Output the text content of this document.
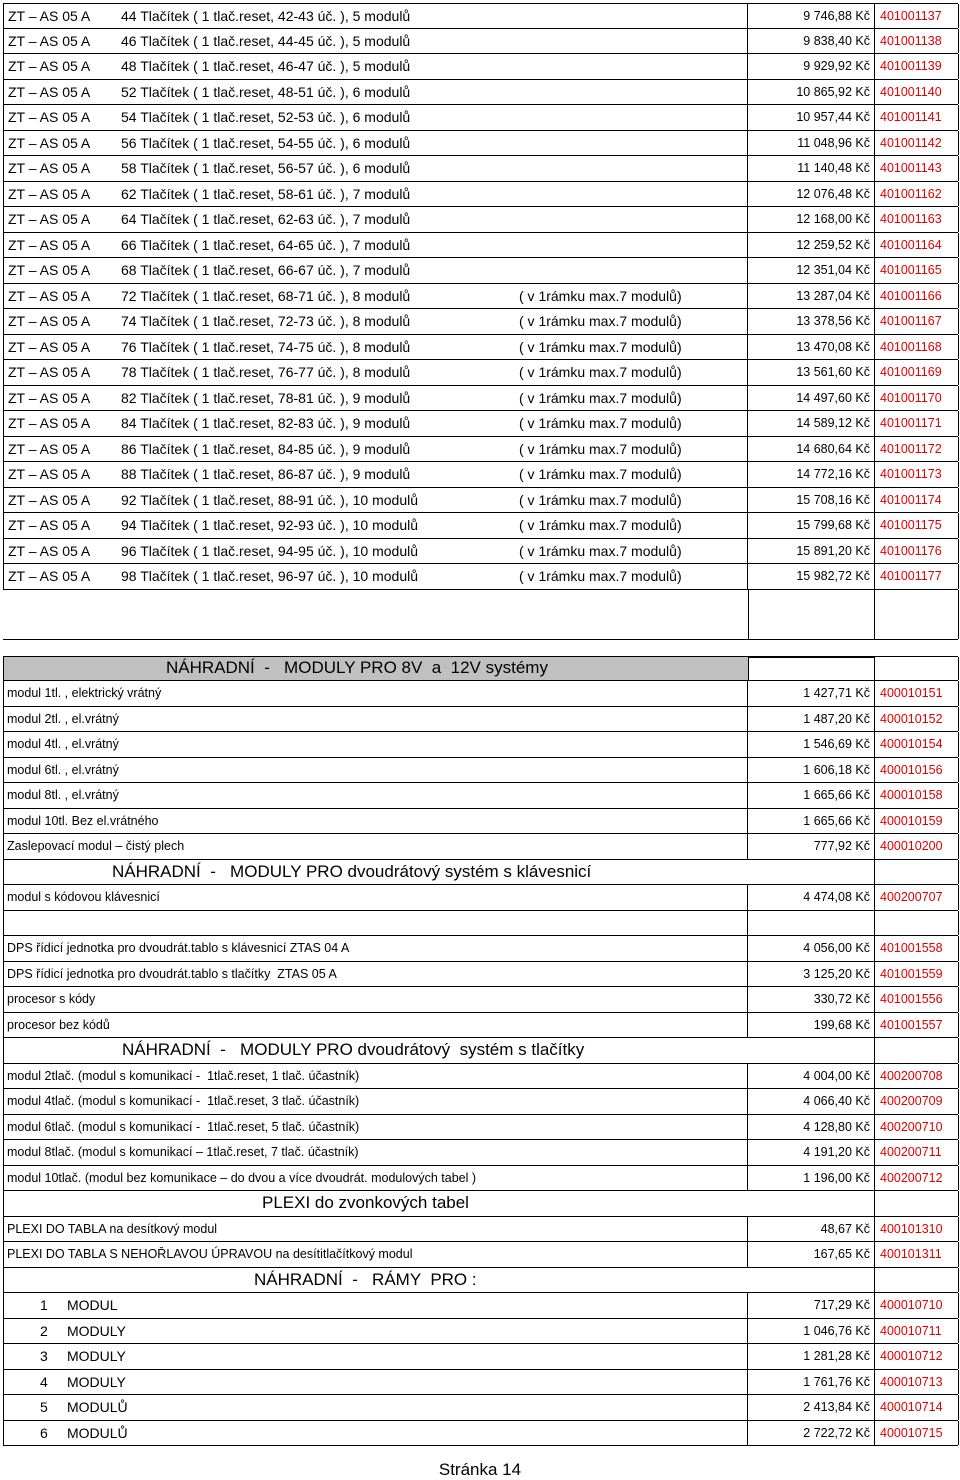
ZT – AS 05 A 44 Tlačítek ( 1 tlač.reset, 42-43 úč. ), 5 modulů	9 746,88 Kč 401001137
ZT – AS 05 A 46 Tlačítek ( 1 tlač.reset, 44-45 úč. ), 5 modulů	9 838,40 Kč 401001138
ZT – AS 05 A 48 Tlačítek ( 1 tlač.reset, 46-47 úč. ), 5 modulů	9 929,92 Kč 401001139
ZT – AS 05 A 52 Tlačítek ( 1 tlač.reset, 48-51 úč. ), 6 modulů	10 865,92 Kč 401001140
ZT – AS 05 A 54 Tlačítek ( 1 tlač.reset, 52-53 úč. ), 6 modulů	10 957,44 Kč 401001141
ZT – AS 05 A 56 Tlačítek ( 1 tlač.reset, 54-55 úč. ), 6 modulů	11 048,96 Kč 401001142
ZT – AS 05 A 58 Tlačítek ( 1 tlač.reset, 56-57 úč. ), 6 modulů	11 140,48 Kč 401001143
ZT – AS 05 A 62 Tlačítek ( 1 tlač.reset, 58-61 úč. ), 7 modulů	12 076,48 Kč 401001162
ZT – AS 05 A 64 Tlačítek ( 1 tlač.reset, 62-63 úč. ), 7 modulů	12 168,00 Kč 401001163
ZT – AS 05 A 66 Tlačítek ( 1 tlač.reset, 64-65 úč. ), 7 modulů	12 259,52 Kč 401001164
ZT – AS 05 A 68 Tlačítek ( 1 tlač.reset, 66-67 úč. ), 7 modulů	12 351,04 Kč 401001165
ZT – AS 05 A 72 Tlačítek ( 1 tlač.reset, 68-71 úč. ), 8 modulů	( v 1rámku max.7 modulů)	13 287,04 Kč 401001166
ZT – AS 05 A 74 Tlačítek ( 1 tlač.reset, 72-73 úč. ), 8 modulů	( v 1rámku max.7 modulů)	13 378,56 Kč 401001167
ZT – AS 05 A 76 Tlačítek ( 1 tlač.reset, 74-75 úč. ), 8 modulů	( v 1rámku max.7 modulů)	13 470,08 Kč 401001168
ZT – AS 05 A 78 Tlačítek ( 1 tlač.reset, 76-77 úč. ), 8 modulů	( v 1rámku max.7 modulů)	13 561,60 Kč 401001169
ZT – AS 05 A 82 Tlačítek ( 1 tlač.reset, 78-81 úč. ), 9 modulů	( v 1rámku max.7 modulů)	14 497,60 Kč 401001170
ZT – AS 05 A 84 Tlačítek ( 1 tlač.reset, 82-83 úč. ), 9 modulů	( v 1rámku max.7 modulů)	14 589,12 Kč 401001171
ZT – AS 05 A 86 Tlačítek ( 1 tlač.reset, 84-85 úč. ), 9 modulů	( v 1rámku max.7 modulů)	14 680,64 Kč 401001172
ZT – AS 05 A 88 Tlačítek ( 1 tlač.reset, 86-87 úč. ), 9 modulů	( v 1rámku max.7 modulů)	14 772,16 Kč 401001173
ZT – AS 05 A 92 Tlačítek ( 1 tlač.reset, 88-91 úč. ), 10 modulů	( v 1rámku max.7 modulů)	15 708,16 Kč 401001174
ZT – AS 05 A 94 Tlačítek ( 1 tlač.reset, 92-93 úč. ), 10 modulů	( v 1rámku max.7 modulů)	15 799,68 Kč 401001175
ZT – AS 05 A 96 Tlačítek ( 1 tlač.reset, 94-95 úč. ), 10 modulů	( v 1rámku max.7 modulů)	15 891,20 Kč 401001176
ZT – AS 05 A 98 Tlačítek ( 1 tlač.reset, 96-97 úč. ), 10 modulů	( v 1rámku max.7 modulů)	15 982,72 Kč 401001177
NÁHRADNÍ  -   MODULY PRO 8V  a  12V systémy
modul 1tl. , elektrický vrátný	1 427,71 Kč 400010151
modul 2tl. , el.vrátný	1 487,20 Kč 400010152
modul 4tl. , el.vrátný	1 546,69 Kč 400010154
modul 6tl. , el.vrátný	1 606,18 Kč 400010156
modul 8tl. , el.vrátný	1 665,66 Kč 400010158
modul 10tl. Bez el.vrátného	1 665,66 Kč 400010159
Zaslepovací modul – čistý plech	777,92 Kč 400010200
NÁHRADNÍ  -   MODULY PRO dvoudrátový systém s klávesnicí
modul s kódovou klávesnicí	4 474,08 Kč 400200707
DPS řídicí jednotka pro dvoudrát.tablo s klávesnicí ZTAS 04 A	4 056,00 Kč 401001558
DPS řídicí jednotka pro dvoudrát.tablo s tlačítky  ZTAS 05 A	3 125,20 Kč 401001559
procesor s kódy	330,72 Kč 401001556
procesor bez kódů	199,68 Kč 401001557
NÁHRADNÍ  -   MODULY PRO dvoudrátový  systém s tlačítky
modul 2tlač. (modul s komunikací -  1tlač.reset, 1 tlač. účastník)	4 004,00 Kč 400200708
modul 4tlač. (modul s komunikací -  1tlač.reset, 3 tlač. účastník)	4 066,40 Kč 400200709
modul 6tlač. (modul s komunikací -  1tlač.reset, 5 tlač. účastník)	4 128,80 Kč 400200710
modul 8tlač. (modul s komunikací – 1tlač.reset, 7 tlač. účastník)	4 191,20 Kč 400200711
modul 10tlač. (modul bez komunikace – do dvou a více dvoudrát. modulových tabel )	1 196,00 Kč 400200712
PLEXI do zvonkových tabel
PLEXI DO TABLA na desítkový modul	48,67 Kč 400101310
PLEXI DO TABLA S NEHOŘLAVOU ÚPRAVOU na desítitlačítkový modul	167,65 Kč 400101311
NÁHRADNÍ  -   RÁMY  PRO :
1 MODUL	717,29 Kč 400010710
2 MODULY	1 046,76 Kč 400010711
3 MODULY	1 281,28 Kč 400010712
4 MODULY	1 761,76 Kč 400010713
5 MODULŮ	2 413,84 Kč 400010714
6 MODULŮ	2 722,72 Kč 400010715
Stránka 14
